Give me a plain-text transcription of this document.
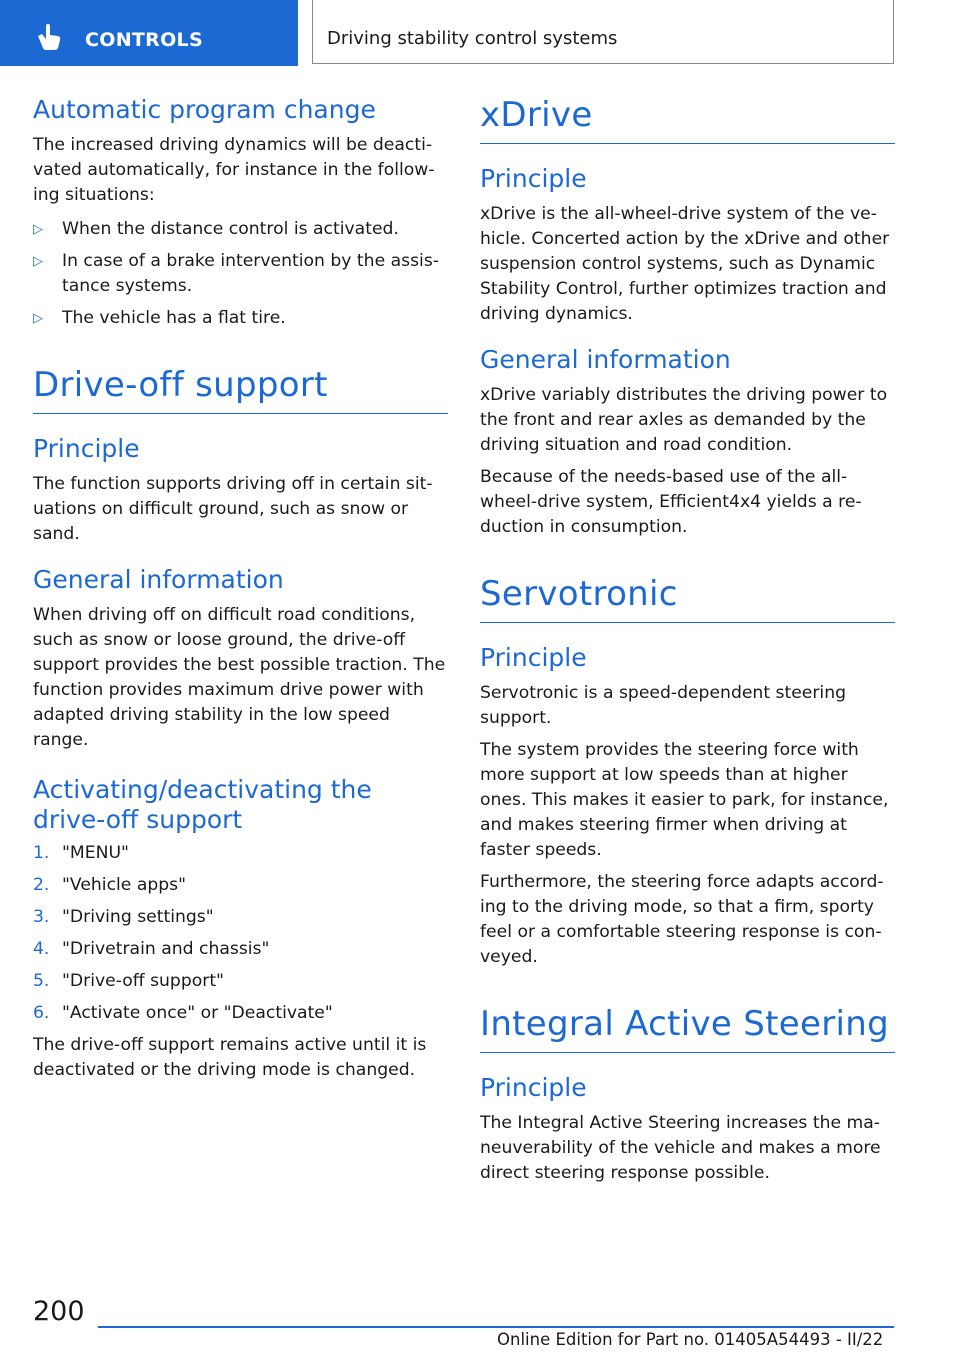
CONTROLS	Driving stability control systems
Automatic program change

The increased driving dynamics will be deacti‐ vated automatically, for instance in the follow‐ ing situations:

▷ When the distance control is activated.
▷ In case of a brake intervention by the assis‐ tance systems.
▷ The vehicle has a flat tire.
Drive-off support
Principle

The function supports driving off in certain sit‐ uations on difficult ground, such as snow or sand.

General information

When driving off on difficult road conditions, such as snow or loose ground, the drive-off support provides the best possible traction. The function provides maximum drive power with adapted driving stability in the low speed range.

Activating/deactivating the drive-off support
1. "MENU"
2. "Vehicle apps"
3. "Driving settings"
4. "Drivetrain and chassis"
5. "Drive-off support"
6. "Activate once" or "Deactivate"

The drive-off support remains active until it is deactivated or the driving mode is changed.

xDrive
Principle

xDrive is the all-wheel-drive system of the ve‐ hicle. Concerted action by the xDrive and other suspension control systems, such as Dynamic Stability Control, further optimizes traction and driving dynamics.

General information

xDrive variably distributes the driving power to the front and rear axles as demanded by the driving situation and road condition.

Because of the needs-based use of the all- wheel-drive system, Efficient4x4 yields a re‐ duction in consumption.

Servotronic
Principle

Servotronic is a speed-dependent steering support.

The system provides the steering force with more support at low speeds than at higher ones. This makes it easier to park, for instance, and makes steering firmer when driving at faster speeds.

Furthermore, the steering force adapts accord‐ ing to the driving mode, so that a firm, sporty feel or a comfortable steering response is con‐ veyed.

Integral Active Steering
Principle

The Integral Active Steering increases the ma‐ neuverability of the vehicle and makes a more direct steering response possible.

200
Online Edition for Part no. 01405A54493 - II/22
